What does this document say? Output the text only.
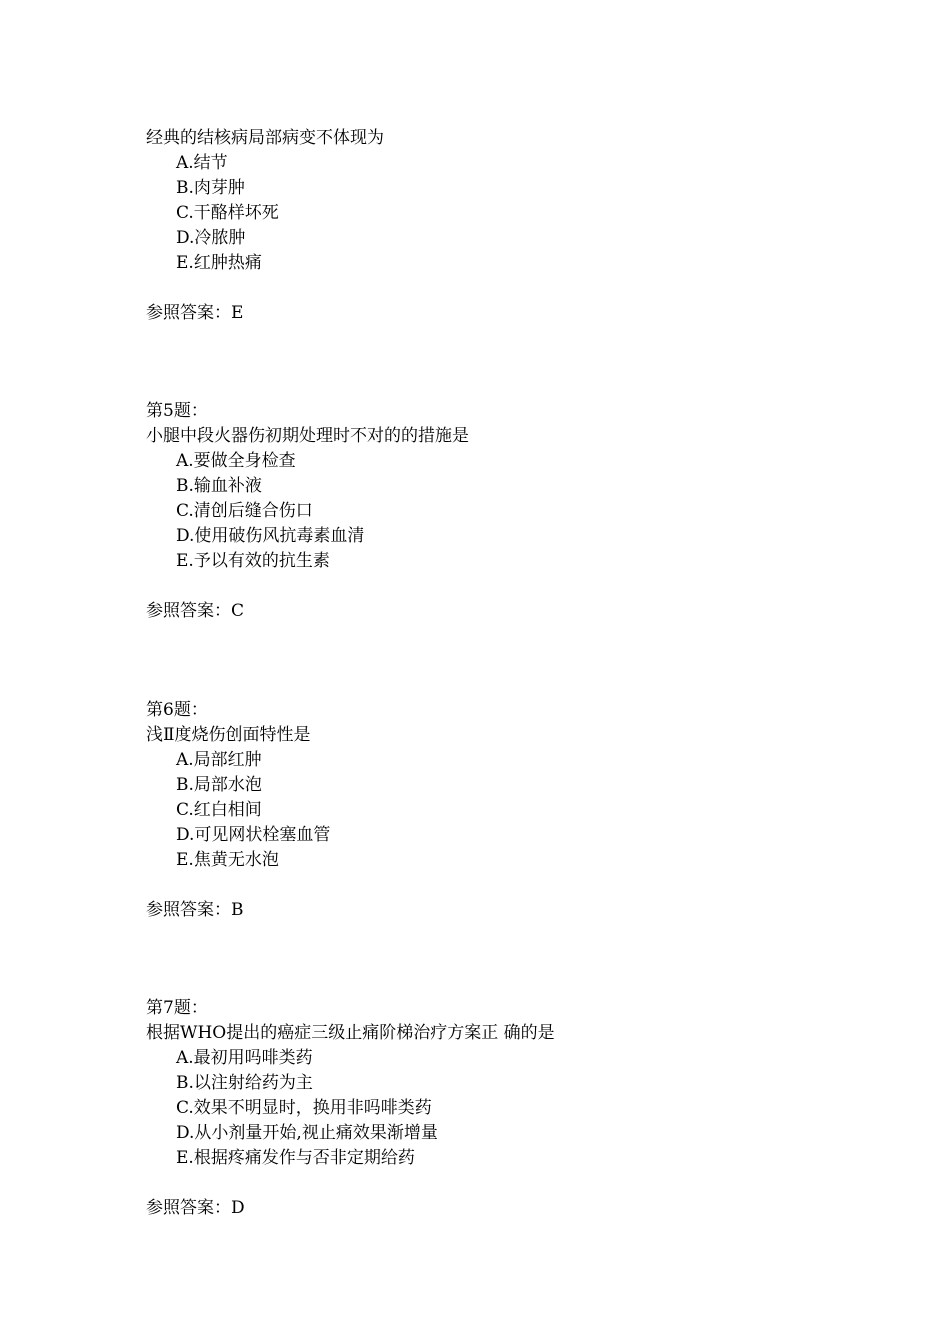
经典的结核病局部病变不体现为
A.结节
B.肉芽肿
C.干酪样坏死
D.冷脓肿
E.红肿热痛
参照答案：E
第5题：
小腿中段火器伤初期处理时不对的的措施是
A.要做全身检查
B.输血补液
C.清创后缝合伤口
D.使用破伤风抗毒素血清
E.予以有效的抗生素
参照答案：C
第6题：
浅Ⅱ度烧伤创面特性是
A.局部红肿
B.局部水泡
C.红白相间
D.可见网状栓塞血管
E.焦黄无水泡
参照答案：B
第7题：
根据WHO提出的癌症三级止痛阶梯治疗方案正 确的是
A.最初用吗啡类药
B.以注射给药为主
C.效果不明显时，换用非吗啡类药
D.从小剂量开始,视止痛效果渐增量
E.根据疼痛发作与否非定期给药
参照答案：D
